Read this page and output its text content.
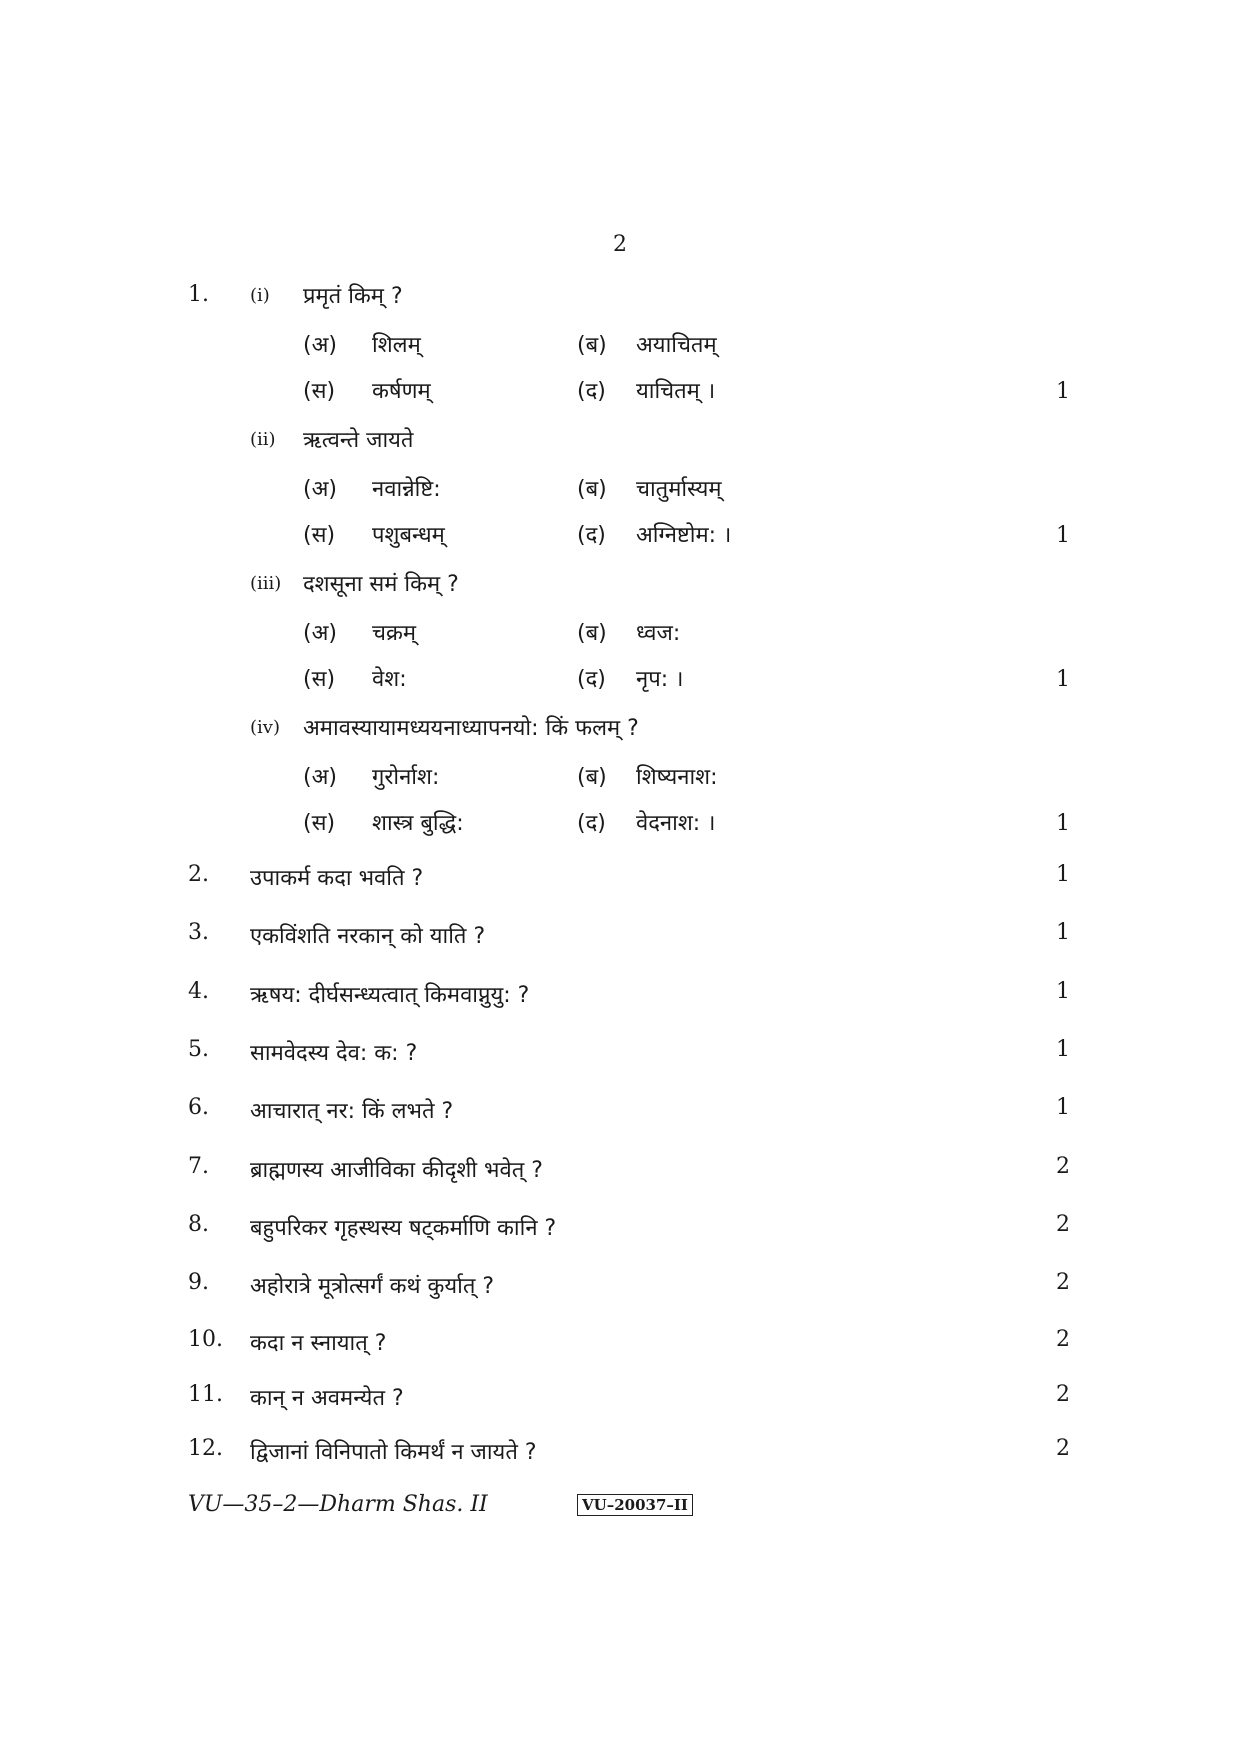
2
1. (i) प्रमृतं किम् ?
(अ) शिलम्	(ब) अयाचितम्
(स) कर्षणम्	(द) याचितम् ।	1
(ii) ऋत्वन्ते जायते
(अ) नवान्नेष्टि:	(ब) चातुर्मास्यम्
(स) पशुबन्धम्	(द) अग्निष्टोम: ।	1
(iii) दशसूना समं किम् ?
(अ) चक्रम्	(ब) ध्वज:
(स) वेश:	(द) नृप: ।	1
(iv) अमावस्यायामध्ययनाध्यापनयो: किं फलम् ?
(अ) गुरोर्नाश:	(ब) शिष्यनाश:
(स) शास्त्र बुद्धि:	(द) वेदनाश: ।	1
2. उपाकर्म कदा भवति ?	1
3. एकविंशति नरकान् को याति ?	1
4. ऋषय: दीर्घसन्ध्यत्वात् किमवाप्नुयु: ?	1
5. सामवेदस्य देव: क: ?	1
6. आचारात् नर: किं लभते ?	1
7. ब्राह्मणस्य आजीविका कीदृशी भवेत् ?	2
8. बहुपरिकर गृहस्थस्य षट्कर्माणि कानि ?	2
9. अहोरात्रे मूत्रोत्सर्गं कथं कुर्यात् ?	2
10. कदा न स्नायात् ?	2
11. कान् न अवमन्येत ?	2
12. द्विजानां विनिपातो किमर्थं न जायते ?	2
VU—35–2—Dharm Shas. II	VU–20037–II
